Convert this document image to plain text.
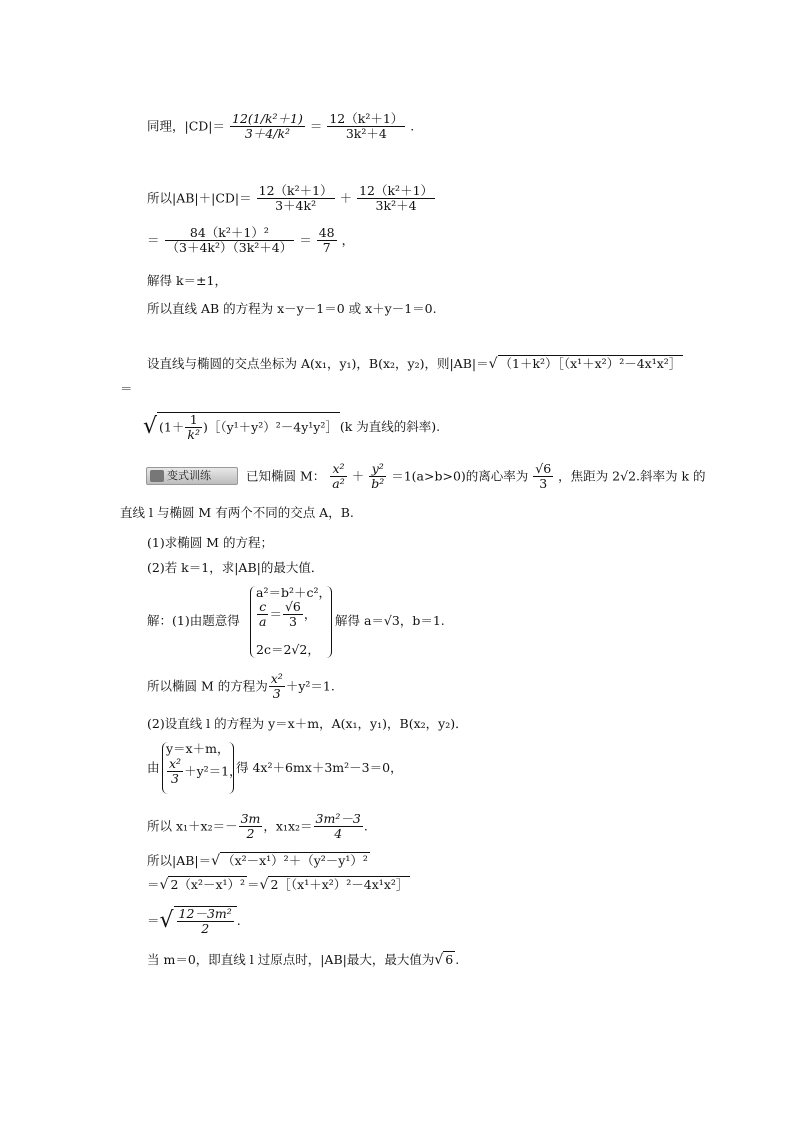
同理，$|CD|= \frac{\text{12(1/k²＋1)}}{\text{3＋4/k²}} = \frac{\text{12（k²＋1）}}{\text{3k²＋4}}$ .
所以$|AB|+|CD|= \frac{\text{12（k²＋1）}}{\text{3＋4k²}} + \frac{\text{12（k²＋1）}}{\text{3k²＋4}}$
＝ $\frac{\text{84（k²＋1）²}}{\text{（3＋4k²）（3k²＋4）}} = \frac{48}{7}$ ，
解得 k＝±1，
所以直线 AB 的方程为 x－y－1＝0 或 x＋y－1＝0.
设直线与椭圆的交点坐标为 A(x₁，y₁)，B(x₂，y₂)，则|AB|＝√ （1＋k²）［（x¹＋x²）²－4x¹x²］
＝
√ ($1+ \frac{1}{\text{k²}}$ )［（y¹＋y²）²－4y¹y²］ (k 为直线的斜率).
变式训练	已知椭圆 M： $\frac{\text{x²}}{\text{a²}} + \frac{\text{y²}}{\text{b²}} =1(a>b>0)$的离心率为 $\frac{√6}{3}$ ，焦距为 2√2.斜率为 k 的
直线 l 与椭圆 M 有两个不同的交点 A，B.
(1)求椭圆 M 的方程；
(2)若 k＝1，求|AB|的最大值．
解：(1)由题意得
a²＝b²＋c²，
$\frac{c}{a} = \frac{√6}{3}$ ，
2c＝2√2，
解得 a＝√3，b＝1.
所以椭圆 M 的方程为 $\frac{\text{x²}}{3} +y^2=1$.
(2)设直线 l 的方程为 y＝x＋m，A(x₁，y₁)，B(x₂，y₂)．
由
y＝x＋m，
$\frac{\text{x²}}{3} +y^2=1$，
得 4x²＋6mx＋3m²－3＝0，
所以 $x_1+x_2=- \frac{3m}{2}$ ，$x_1x_2= \frac{\text{3m²－3}}{4}$ .
所以|AB|＝√ （x²－x¹）²＋（y²－y¹）²
＝√ 2（x²－x¹）² ＝√ 2［（x¹＋x²）²－4x¹x²］
＝√ $\frac{\text{12－3m²}}{2}$ .
当 m＝0，即直线 l 过原点时，|AB|最大，最大值为√ 6 .
